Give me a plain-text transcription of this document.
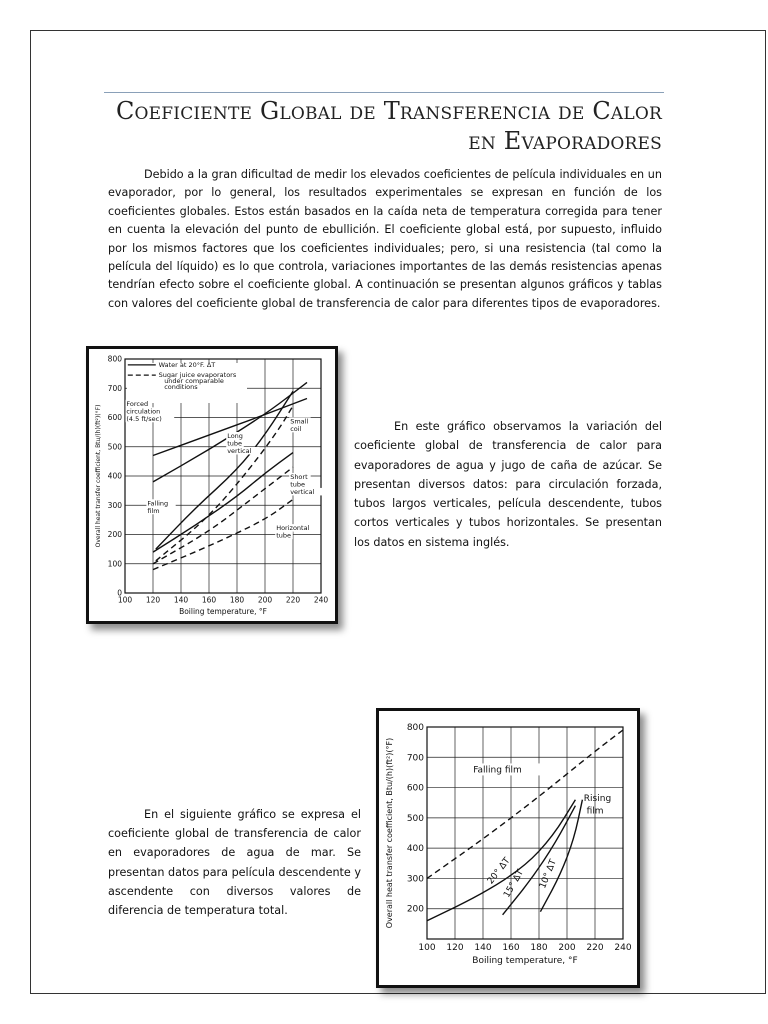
Coeficiente Global de Transferencia de Calor
en Evaporadores

Debido a la gran dificultad de medir los elevados coeficientes de película individuales en un evaporador, por lo general, los resultados experimentales se expresan en función de los coeficientes globales. Estos están basados en la caída neta de temperatura corregida para tener en cuenta la elevación del punto de ebullición. El coeficiente global está, por supuesto, influido por los mismos factores que los coeficientes individuales; pero, si una resistencia (tal como la película del líquido) es lo que controla, variaciones importantes de las demás resistencias apenas tendrían efecto sobre el coeficiente global. A continuación se presentan algunos gráficos y tablas con valores del coeficiente global de transferencia de calor para diferentes tipos de evaporadores.

100 120 140 160 180 200 220 240
0
100
200
300
400
500
600
700
800
Boiling temperature, °F
Overall heat transfer coefficient, Btu/(h)(ft²)(°F)
Water at 20°F. ΔT
Sugar juice evaporators
under comparable
conditions
Forced
circulation
(4.5 ft/sec)	Small
coil
Long
tube
vertical
Short
tube
vertical
Falling
film
Horizontal
tube

En este gráfico observamos la variación del coeficiente global de transferencia de calor para evaporadores de agua y jugo de caña de azúcar. Se presentan diversos datos: para circulación forzada, tubos largos verticales, película descendente, tubos cortos verticales y tubos horizontales. Se presentan los datos en sistema inglés.

100 120 140 160 180 200 220 240
200
300
400
500
600
700
800
Boiling temperature, °F
Overall heat transfer coefficient, Btu/(h)(ft²)(°F)	Falling film
Rising
film
20° ΔT
15° ΔT 10° ΔT

En el siguiente gráfico se expresa el coeficiente global de transferencia de calor en evaporadores de agua de mar. Se presentan datos para película descendente y ascendente con diversos valores de diferencia de temperatura total.
